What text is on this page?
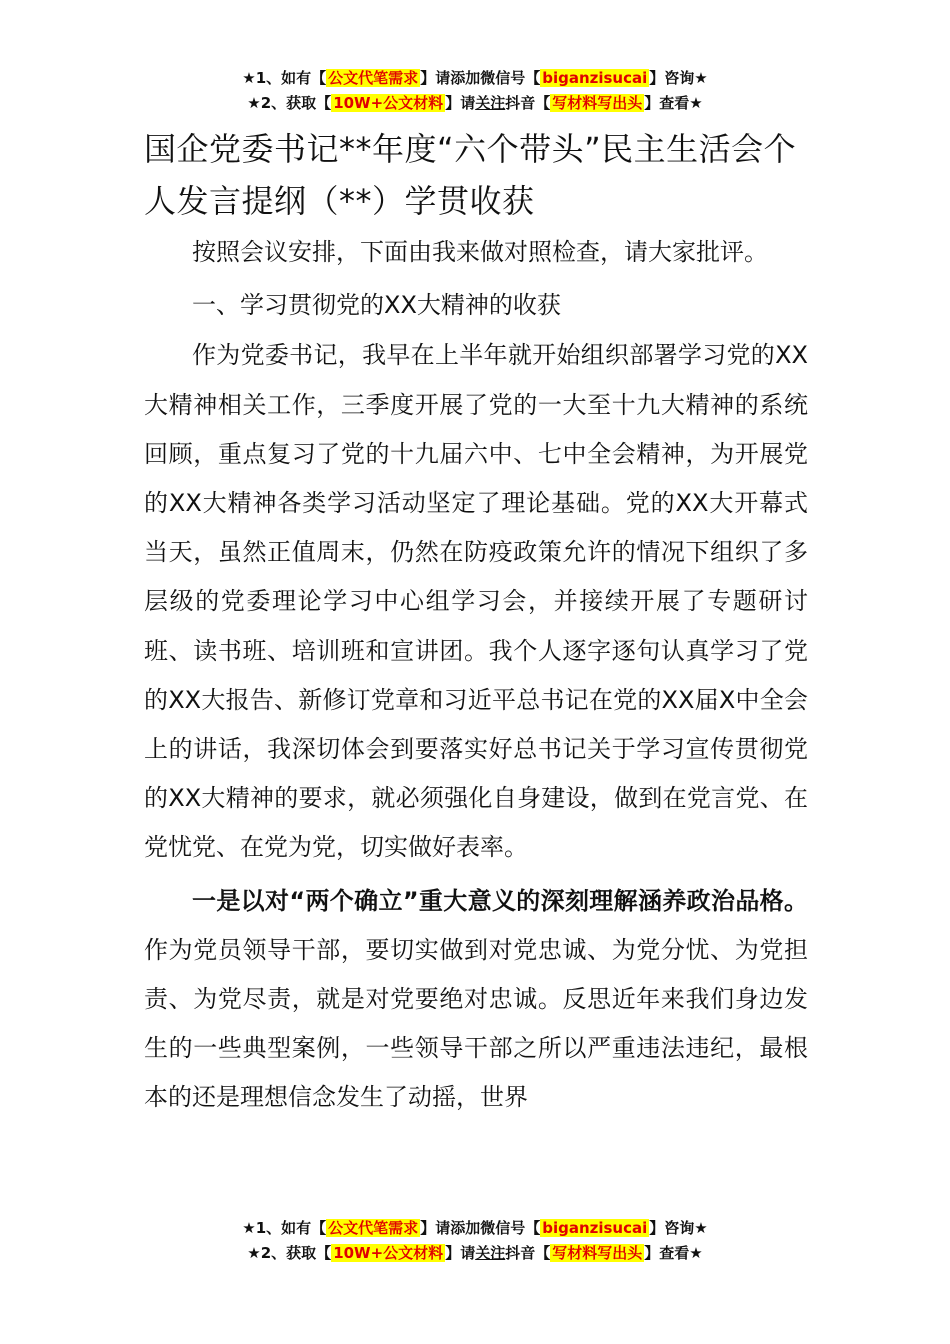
★1、如有【 公文代笔需求 】请添加微信号【 biganzisucai 】咨询★
★2、获取【 10W+公文材料 】请关注抖音【 写材料写出头 】查看★
国企党委书记**年度“六个带头”民主生活会个人发言提纲（**）学贯收获

按照会议安排，下面由我来做对照检查，请大家批评。

一、学习贯彻党的XX大精神的收获

作为党委书记，我早在上半年就开始组织部署学习党的XX大精神相关工作，三季度开展了党的一大至十九大精神的系统回顾，重点复习了党的十九届六中、七中全会精神，为开展党的XX大精神各类学习活动坚定了理论基础。党的XX大开幕式当天，虽然正值周末，仍然在防疫政策允许的情况下组织了多层级的党委理论学习中心组学习会，并接续开展了专题研讨班、读书班、培训班和宣讲团。我个人逐字逐句认真学习了党的XX大报告、新修订党章和习近平总书记在党的XX届X中全会上的讲话，我深切体会到要落实好总书记关于学习宣传贯彻党的XX大精神的要求，就必须强化自身建设，做到在党言党、在党忧党、在党为党，切实做好表率。

一是以对“两个确立”重大意义的深刻理解涵养政治品格。作为党员领导干部，要切实做到对党忠诚、为党分忧、为党担责、为党尽责，就是对党要绝对忠诚。反思近年来我们身边发生的一些典型案例，一些领导干部之所以严重违法违纪，最根本的还是理想信念发生了动摇，世界

★1、如有【 公文代笔需求 】请添加微信号【 biganzisucai 】咨询★
★2、获取【 10W+公文材料 】请关注抖音【 写材料写出头 】查看★
